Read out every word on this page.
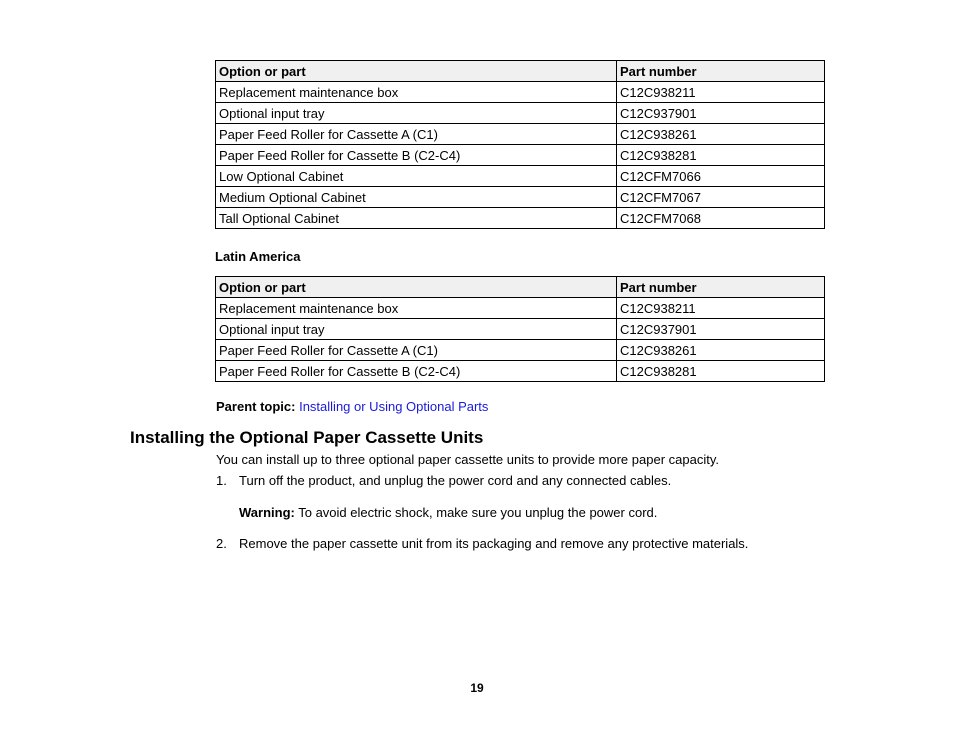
Option or part	Part number
Replacement maintenance box	C12C938211
Optional input tray	C12C937901
Paper Feed Roller for Cassette A (C1)	C12C938261
Paper Feed Roller for Cassette B (C2-C4)	C12C938281
Low Optional Cabinet	C12CFM7066
Medium Optional Cabinet	C12CFM7067
Tall Optional Cabinet	C12CFM7068
Latin America
Option or part	Part number
Replacement maintenance box	C12C938211
Optional input tray	C12C937901
Paper Feed Roller for Cassette A (C1)	C12C938261
Paper Feed Roller for Cassette B (C2-C4)	C12C938281
Parent topic: Installing or Using Optional Parts
Installing the Optional Paper Cassette Units
You can install up to three optional paper cassette units to provide more paper capacity.
1. Turn off the product, and unplug the power cord and any connected cables.
Warning: To avoid electric shock, make sure you unplug the power cord.
2. Remove the paper cassette unit from its packaging and remove any protective materials.
19
